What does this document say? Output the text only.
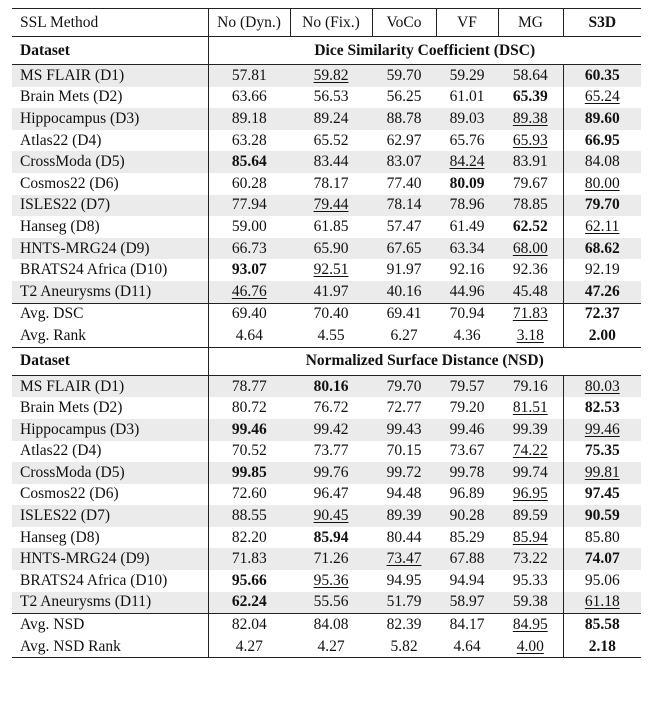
SSL Method	No (Dyn.)	No (Fix.)	VoCo	VF	MG	S3D
Dataset	Dice Similarity Coefficient (DSC)					
MS FLAIR (D1)	57.81	59.82	59.70	59.29	58.64	60.35
Brain Mets (D2)	63.66	56.53	56.25	61.01	65.39	65.24
Hippocampus (D3)	89.18	89.24	88.78	89.03	89.38	89.60
Atlas22 (D4)	63.28	65.52	62.97	65.76	65.93	66.95
CrossModa (D5)	85.64	83.44	83.07	84.24	83.91	84.08
Cosmos22 (D6)	60.28	78.17	77.40	80.09	79.67	80.00
ISLES22 (D7)	77.94	79.44	78.14	78.96	78.85	79.70
Hanseg (D8)	59.00	61.85	57.47	61.49	62.52	62.11
HNTS-MRG24 (D9)	66.73	65.90	67.65	63.34	68.00	68.62
BRATS24 Africa (D10)	93.07	92.51	91.97	92.16	92.36	92.19
T2 Aneurysms (D11)	46.76	41.97	40.16	44.96	45.48	47.26
Avg. DSC	69.40	70.40	69.41	70.94	71.83	72.37
Avg. Rank	4.64	4.55	6.27	4.36	3.18	2.00
Dataset	Normalized Surface Distance (NSD)					
MS FLAIR (D1)	78.77	80.16	79.70	79.57	79.16	80.03
Brain Mets (D2)	80.72	76.72	72.77	79.20	81.51	82.53
Hippocampus (D3)	99.46	99.42	99.43	99.46	99.39	99.46
Atlas22 (D4)	70.52	73.77	70.15	73.67	74.22	75.35
CrossModa (D5)	99.85	99.76	99.72	99.78	99.74	99.81
Cosmos22 (D6)	72.60	96.47	94.48	96.89	96.95	97.45
ISLES22 (D7)	88.55	90.45	89.39	90.28	89.59	90.59
Hanseg (D8)	82.20	85.94	80.44	85.29	85.94	85.80
HNTS-MRG24 (D9)	71.83	71.26	73.47	67.88	73.22	74.07
BRATS24 Africa (D10)	95.66	95.36	94.95	94.94	95.33	95.06
T2 Aneurysms (D11)	62.24	55.56	51.79	58.97	59.38	61.18
Avg. NSD	82.04	84.08	82.39	84.17	84.95	85.58
Avg. NSD Rank	4.27	4.27	5.82	4.64	4.00	2.18
